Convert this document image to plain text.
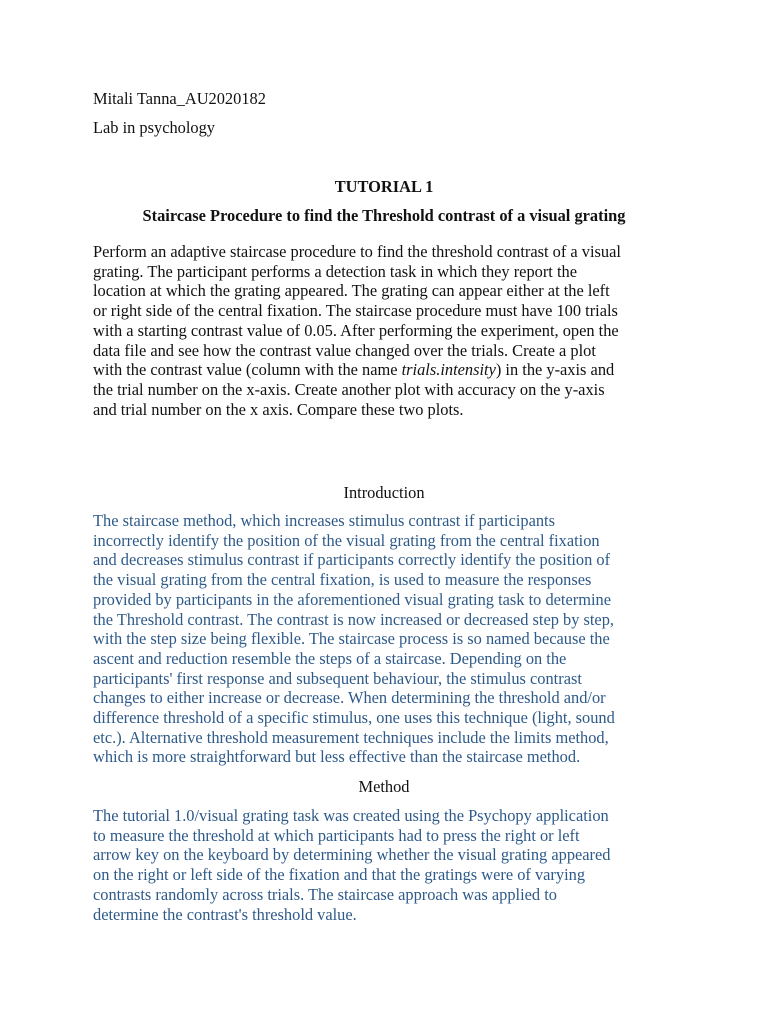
Mitali Tanna_AU2020182
Lab in psychology
TUTORIAL 1
Staircase Procedure to find the Threshold contrast of a visual grating
Perform an adaptive staircase procedure to find the threshold contrast of a visual
grating. The participant performs a detection task in which they report the
location at which the grating appeared. The grating can appear either at the left
or right side of the central fixation. The staircase procedure must have 100 trials
with a starting contrast value of 0.05. After performing the experiment, open the
data file and see how the contrast value changed over the trials. Create a plot
with the contrast value (column with the name trials.intensity) in the y-axis and
the trial number on the x-axis. Create another plot with accuracy on the y-axis
and trial number on the x axis. Compare these two plots.
Introduction
The staircase method, which increases stimulus contrast if participants
incorrectly identify the position of the visual grating from the central fixation
and decreases stimulus contrast if participants correctly identify the position of
the visual grating from the central fixation, is used to measure the responses
provided by participants in the aforementioned visual grating task to determine
the Threshold contrast. The contrast is now increased or decreased step by step,
with the step size being flexible. The staircase process is so named because the
ascent and reduction resemble the steps of a staircase. Depending on the
participants' first response and subsequent behaviour, the stimulus contrast
changes to either increase or decrease. When determining the threshold and/or
difference threshold of a specific stimulus, one uses this technique (light, sound
etc.). Alternative threshold measurement techniques include the limits method,
which is more straightforward but less effective than the staircase method.
Method
The tutorial 1.0/visual grating task was created using the Psychopy application
to measure the threshold at which participants had to press the right or left
arrow key on the keyboard by determining whether the visual grating appeared
on the right or left side of the fixation and that the gratings were of varying
contrasts randomly across trials. The staircase approach was applied to
determine the contrast's threshold value.
